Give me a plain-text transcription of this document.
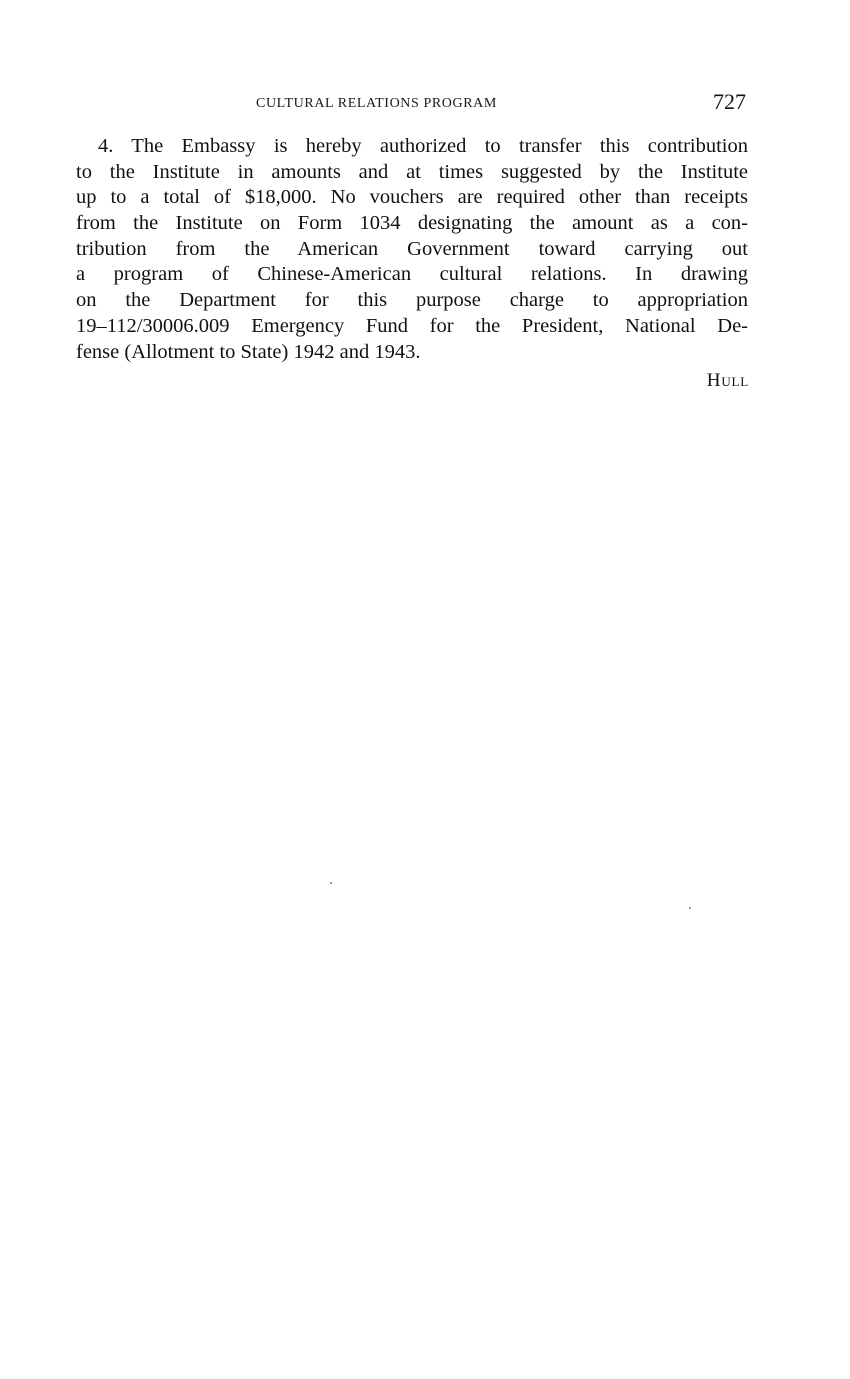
CULTURAL RELATIONS PROGRAM	727
4. The Embassy is hereby authorized to transfer this contribution
to the Institute in amounts and at times suggested by the Institute
up to a total of $18,000. No vouchers are required other than receipts
from the Institute on Form 1034 designating the amount as a con-
tribution from the American Government toward carrying out
a program of Chinese-American cultural relations. In drawing
on the Department for this purpose charge to appropriation
19–112/30006.009 Emergency Fund for the President, National De-
fense (Allotment to State) 1942 and 1943.
Hull
